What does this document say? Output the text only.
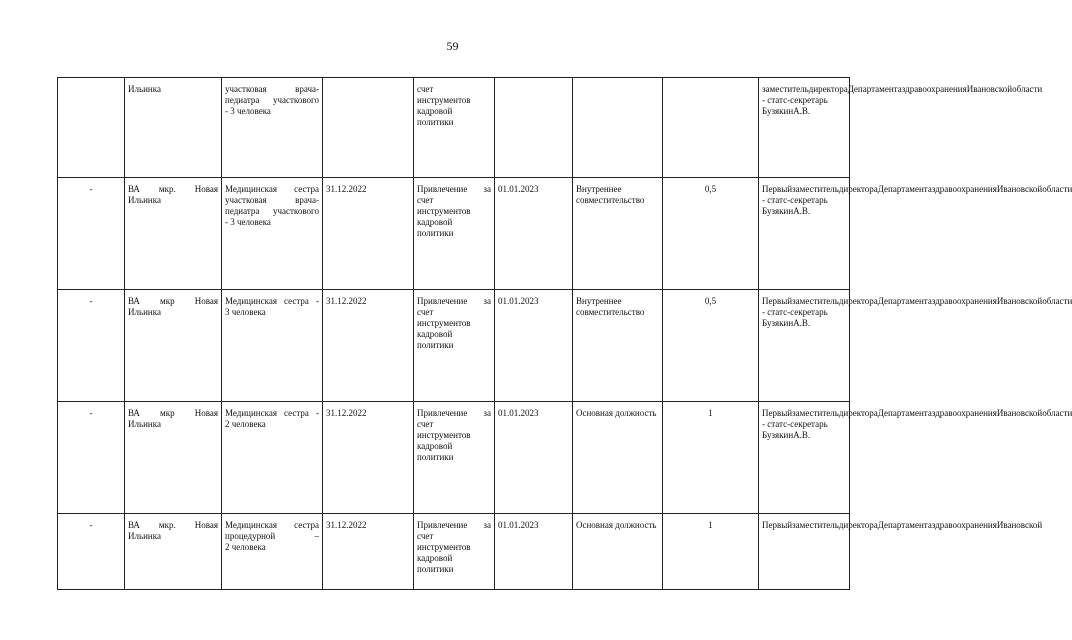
59

	Ильинка	участковая врача-
педиатра участкового
- 3 человека		счет
инструментов
кадровой
политики				заместительдиректораДепартаментаздравоохраненияИвановскойобласти - статс-секретарь БузякинА.В.
-	ВА мкр. Новая
Ильинка	Медицинская сестра
участковая врача-
педиатра участкового
- 3 человека	31.12.2022	Привлечение за
счет
инструментов
кадровой
политики	01.01.2023	Внутреннее совместительство	0,5	ПервыйзаместительдиректораДепартаментаздравоохраненияИвановскойобласти - статс-секретарь БузякинА.В.
-	ВА мкр Новая
Ильинка	Медицинская сестра -
3 человека	31.12.2022	Привлечение за
счет
инструментов
кадровой
политики	01.01.2023	Внутреннее совместительство	0,5	ПервыйзаместительдиректораДепартаментаздравоохраненияИвановскойобласти - статс-секретарь БузякинА.В.
-	ВА мкр Новая
Ильинка	Медицинская сестра -
2 человека	31.12.2022	Привлечение за
счет
инструментов
кадровой
политики	01.01.2023	Основная должность	1	ПервыйзаместительдиректораДепартаментаздравоохраненияИвановскойобласти - статс-секретарь БузякинА.В.
-	ВА мкр. Новая
Ильинка	Медицинская сестра
процедурной –
2 человека	31.12.2022	Привлечение за
счет
инструментов
кадровой
политики	01.01.2023	Основная должность	1	ПервыйзаместительдиректораДепартаментаздравоохраненияИвановской
